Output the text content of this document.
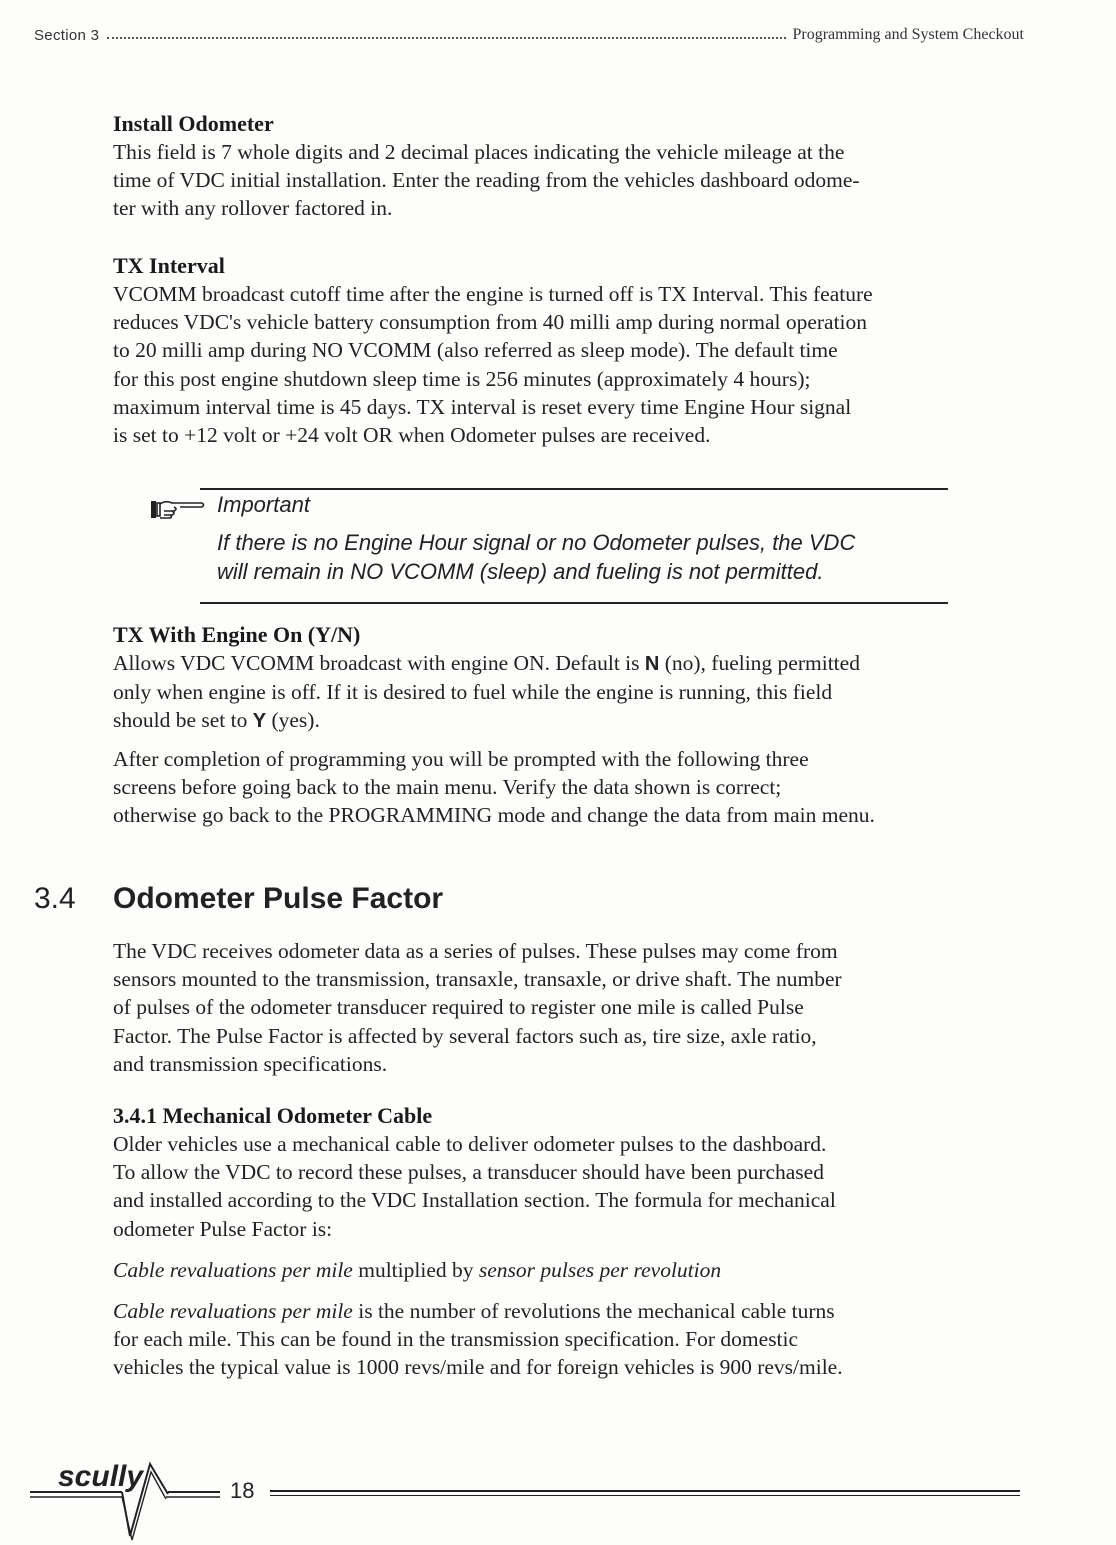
Section 3	Programming and System Checkout
Install Odometer

This field is 7 whole digits and 2 decimal places indicating the vehicle mileage at the

time of VDC initial installation. Enter the reading from the vehicles dashboard odome-

ter with any rollover factored in.

TX Interval

VCOMM broadcast cutoff time after the engine is turned off is TX Interval. This feature

reduces VDC's vehicle battery consumption from 40 milli amp during normal operation

to 20 milli amp during NO VCOMM (also referred as sleep mode). The default time

for this post engine shutdown sleep time is 256 minutes (approximately 4 hours);

maximum interval time is 45 days. TX interval is reset every time Engine Hour signal

is set to +12 volt or +24 volt OR when Odometer pulses are received.

Important
If there is no Engine Hour signal or no Odometer pulses, the VDC
will remain in NO VCOMM (sleep) and fueling is not permitted.
TX With Engine On (Y/N)

Allows VDC VCOMM broadcast with engine ON. Default is N (no), fueling permitted

only when engine is off. If it is desired to fuel while the engine is running, this field

should be set to Y (yes).

After completion of programming you will be prompted with the following three

screens before going back to the main menu. Verify the data shown is correct;

otherwise go back to the PROGRAMMING mode and change the data from main menu.

3.4 Odometer Pulse Factor

The VDC receives odometer data as a series of pulses. These pulses may come from

sensors mounted to the transmission, transaxle, transaxle, or drive shaft. The number

of pulses of the odometer transducer required to register one mile is called Pulse

Factor. The Pulse Factor is affected by several factors such as, tire size, axle ratio,

and transmission specifications.

3.4.1 Mechanical Odometer Cable

Older vehicles use a mechanical cable to deliver odometer pulses to the dashboard.

To allow the VDC to record these pulses, a transducer should have been purchased

and installed according to the VDC Installation section. The formula for mechanical

odometer Pulse Factor is:

Cable revaluations per mile multiplied by sensor pulses per revolution

Cable revaluations per mile is the number of revolutions the mechanical cable turns

for each mile. This can be found in the transmission specification. For domestic

vehicles the typical value is 1000 revs/mile and for foreign vehicles is 900 revs/mile.

scully	18
